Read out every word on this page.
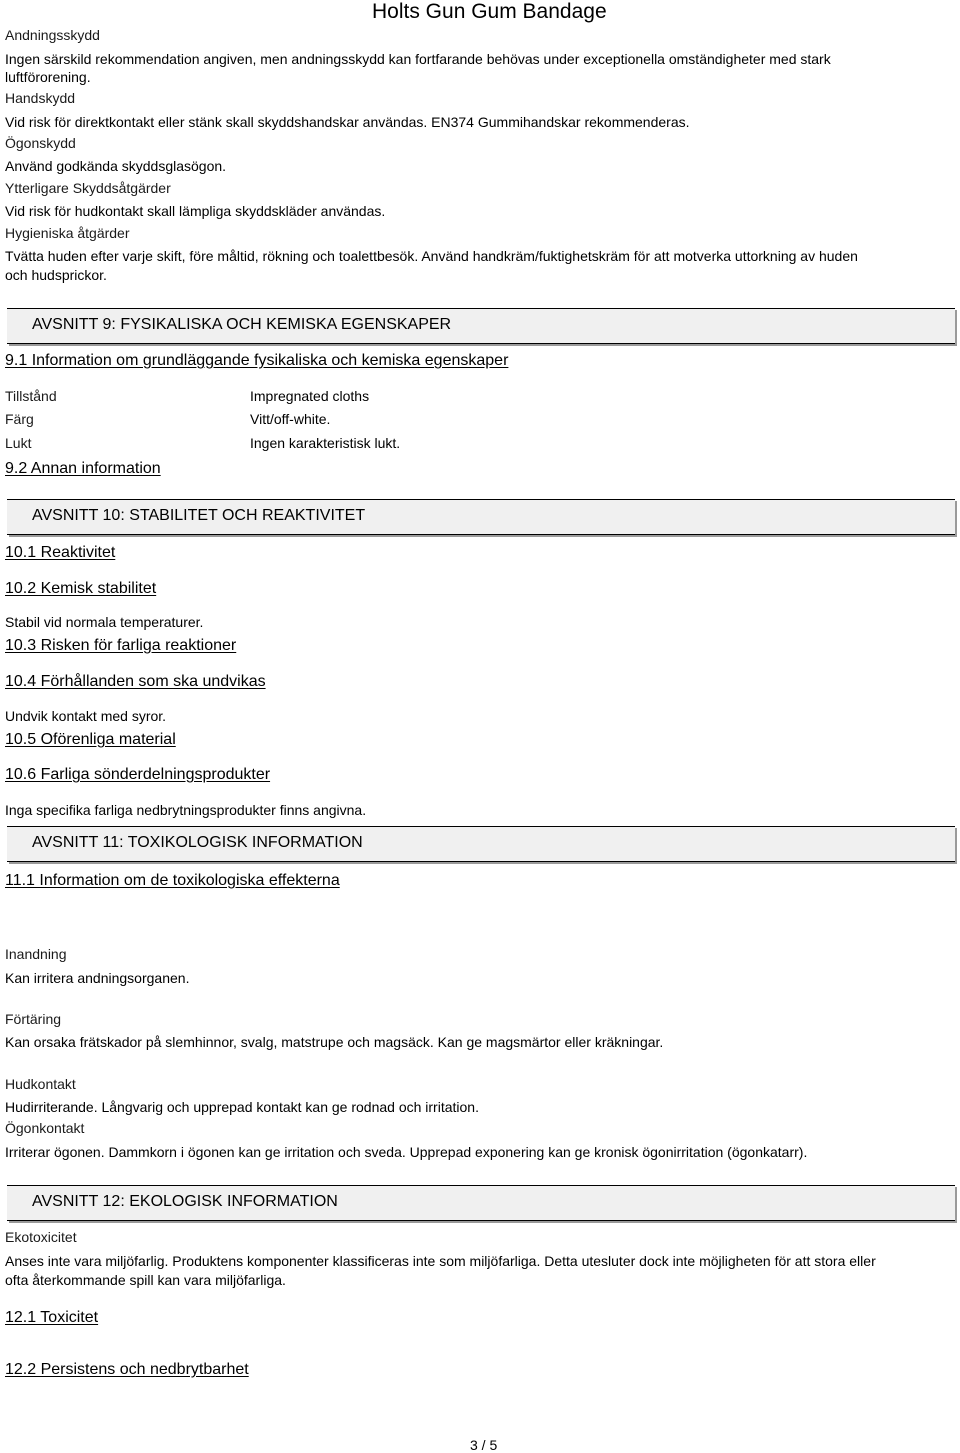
Holts Gun Gum Bandage
Andningsskydd
Ingen särskild rekommendation angiven, men andningsskydd kan fortfarande behövas under exceptionella omständigheter med stark
luftförorening.
Handskydd
Vid risk för direktkontakt eller stänk skall skyddshandskar användas. EN374 Gummihandskar rekommenderas.
Ögonskydd
Använd godkända skyddsglasögon.
Ytterligare Skyddsåtgärder
Vid risk för hudkontakt skall lämpliga skyddskläder användas.
Hygieniska åtgärder
Tvätta huden efter varje skift, före måltid, rökning och toalettbesök. Använd handkräm/fuktighetskräm för att motverka uttorkning av huden
och hudsprickor.
AVSNITT 9: FYSIKALISKA OCH KEMISKA EGENSKAPER
9.1 Information om grundläggande fysikaliska och kemiska egenskaper
Tillstånd	Impregnated cloths
Färg	Vitt/off-white.
Lukt	Ingen karakteristisk lukt.
9.2 Annan information
AVSNITT 10: STABILITET OCH REAKTIVITET
10.1 Reaktivitet
10.2 Kemisk stabilitet
Stabil vid normala temperaturer.
10.3 Risken för farliga reaktioner
10.4 Förhållanden som ska undvikas
Undvik kontakt med syror.
10.5 Oförenliga material
10.6 Farliga sönderdelningsprodukter
Inga specifika farliga nedbrytningsprodukter finns angivna.
AVSNITT 11: TOXIKOLOGISK INFORMATION
11.1 Information om de toxikologiska effekterna
Inandning
Kan irritera andningsorganen.
Förtäring
Kan orsaka frätskador på slemhinnor, svalg, matstrupe och magsäck. Kan ge magsmärtor eller kräkningar.
Hudkontakt
Hudirriterande. Långvarig och upprepad kontakt kan ge rodnad och irritation.
Ögonkontakt
Irriterar ögonen. Dammkorn i ögonen kan ge irritation och sveda. Upprepad exponering kan ge kronisk ögonirritation (ögonkatarr).
AVSNITT 12: EKOLOGISK INFORMATION
Ekotoxicitet
Anses inte vara miljöfarlig. Produktens komponenter klassificeras inte som miljöfarliga. Detta utesluter dock inte möjligheten för att stora eller
ofta återkommande spill kan vara miljöfarliga.
12.1 Toxicitet
12.2 Persistens och nedbrytbarhet
3 / 5
